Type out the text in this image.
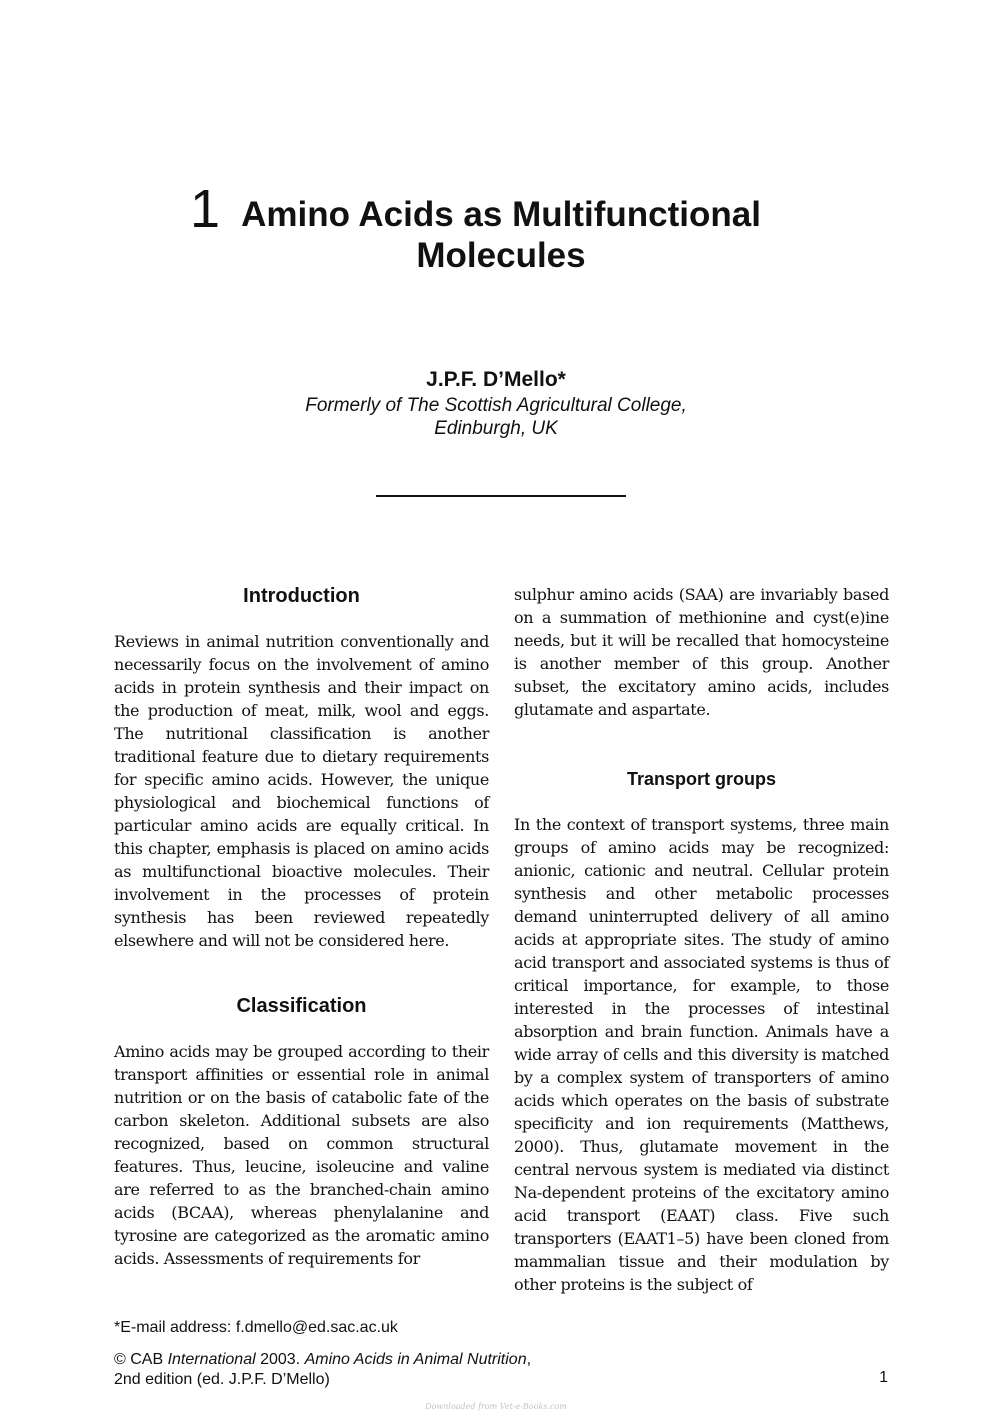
1 Amino Acids as Multifunctional Molecules
J.P.F. D’Mello*
Formerly of The Scottish Agricultural College,
Edinburgh, UK
Introduction

Reviews in animal nutrition conventionally and necessarily focus on the involvement of amino acids in protein synthesis and their impact on the production of meat, milk, wool and eggs. The nutritional classification is another traditional feature due to dietary requirements for specific amino acids. However, the unique physiological and biochemical functions of particular amino acids are equally critical. In this chapter, emphasis is placed on amino acids as multifunctional bioactive molecules. Their involvement in the processes of protein synthesis has been reviewed repeatedly elsewhere and will not be considered here.

Classification

Amino acids may be grouped according to their transport affinities or essential role in animal nutrition or on the basis of catabolic fate of the carbon skeleton. Additional subsets are also recognized, based on common structural features. Thus, leucine, isoleucine and valine are referred to as the branched-chain amino acids (BCAA), whereas phenylalanine and tyrosine are categorized as the aromatic amino acids. Assessments of requirements for

sulphur amino acids (SAA) are invariably based on a summation of methionine and cyst(e)ine needs, but it will be recalled that homocysteine is another member of this group. Another subset, the excitatory amino acids, includes glutamate and aspartate.

Transport groups

In the context of transport systems, three main groups of amino acids may be recognized: anionic, cationic and neutral. Cellular protein synthesis and other metabolic processes demand uninterrupted delivery of all amino acids at appropriate sites. The study of amino acid transport and associated systems is thus of critical importance, for example, to those interested in the processes of intestinal absorption and brain function. Animals have a wide array of cells and this diversity is matched by a complex system of transporters of amino acids which operates on the basis of substrate specificity and ion requirements (Matthews, 2000). Thus, glutamate movement in the central nervous system is mediated via distinct Na-dependent proteins of the excitatory amino acid transport (EAAT) class. Five such transporters (EAAT1–5) have been cloned from mammalian tissue and their modulation by other proteins is the subject of

*E-mail address: f.dmello@ed.sac.ac.uk
© CAB International 2003. Amino Acids in Animal Nutrition,
2nd edition (ed. J.P.F. D’Mello)	1
Downloaded from Vet-e-Books.com
